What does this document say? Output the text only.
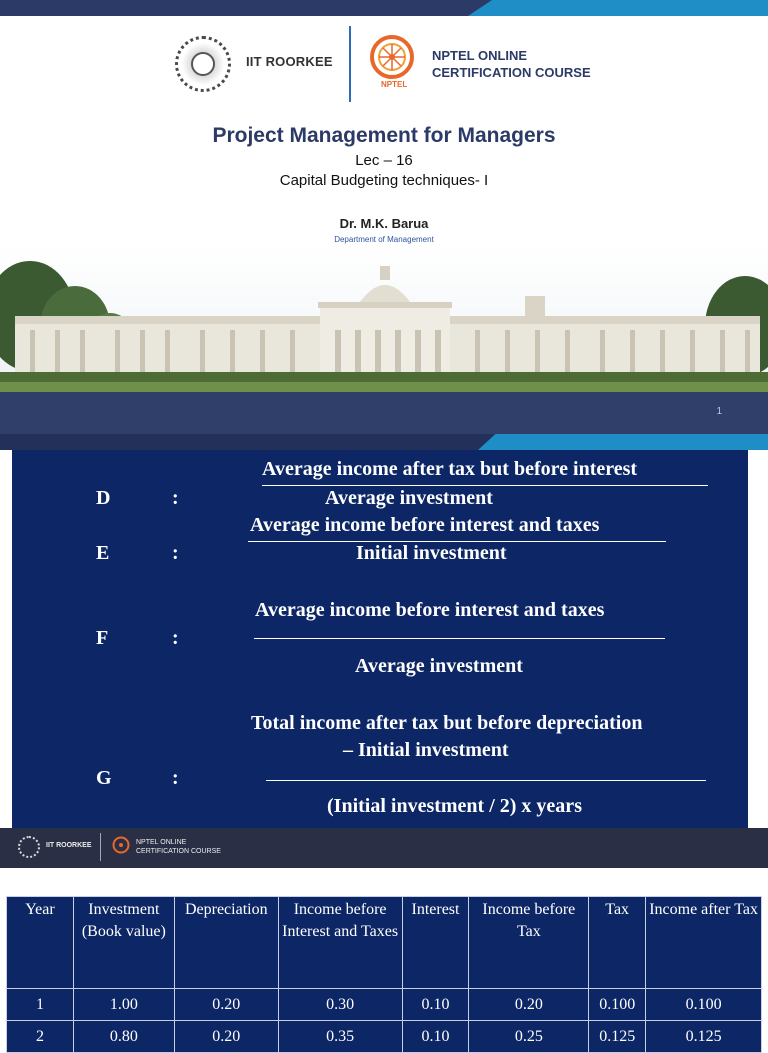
IIT ROORKEE
NPTEL
NPTEL ONLINE
CERTIFICATION COURSE
Project Management for Managers
Lec – 16
Capital Budgeting techniques- I
Dr. M.K. Barua
Department of Management
1
Average income after tax but before interest
D	:	Average investment
Average income before interest and taxes
E	:	Initial investment
Average income before interest and taxes
F	:
Average investment
Total income after tax but before depreciation
– Initial investment
G	:
(Initial investment / 2) x years
IIT ROORKEE	NPTEL ONLINE
CERTIFICATION COURSE
Year	Investment (Book value)	Depreciation	Income before Interest and Taxes	Interest	Income before Tax	Tax	Income after Tax
1	1.00	0.20	0.30	0.10	0.20	0.100	0.100
2	0.80	0.20	0.35	0.10	0.25	0.125	0.125
